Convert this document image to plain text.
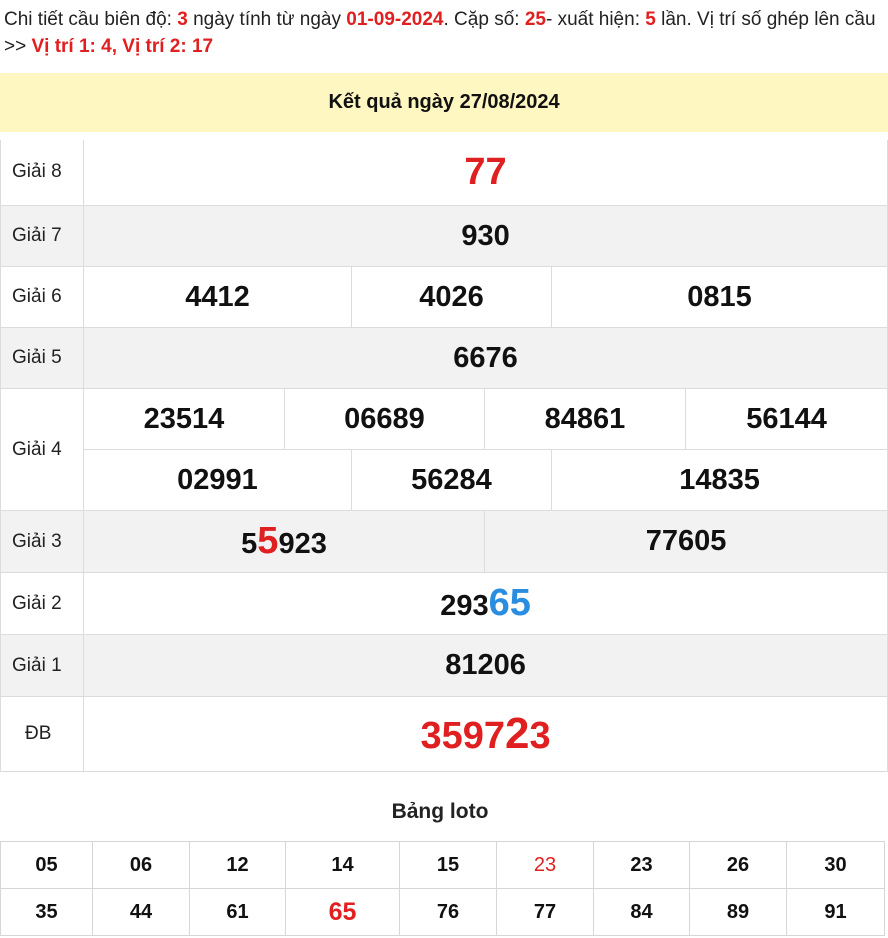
Chi tiết cầu biên độ: 3 ngày tính từ ngày 01-09-2024. Cặp số: 25- xuất hiện: 5 lần. Vị trí số ghép lên cầu >> Vị trí 1: 4, Vị trí 2: 17
Kết quả ngày 27/08/2024						
Giải 8	77					
Giải 7	930					
Giải 6	4412		4026		0815	
Giải 5	6676					
Giải 4	23514	06689		84861		56144
	02991		56284		14835	
Giải 3	55923			77605		
Giải 2	29365					
Giải 1	81206					
ĐB	359723					
Bảng loto
05	06	12	14	15	23	23	26	30
35	44	61	65	76	77	84	89	91
